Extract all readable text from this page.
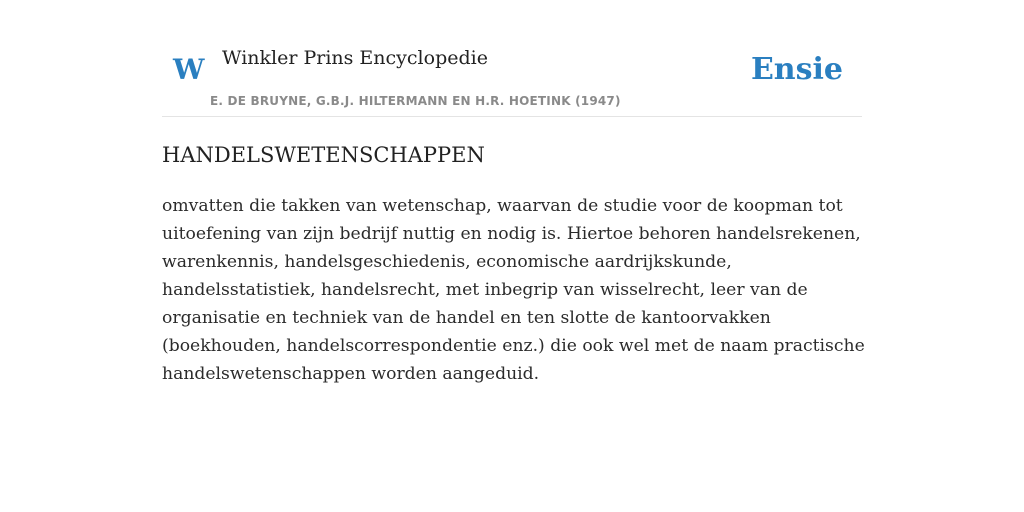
W Winkler Prins Encyclopedie
E. DE BRUYNE, G.B.J. HILTERMANN EN H.R. HOETINK (1947)
Ensie
HANDELSWETENSCHAPPEN

omvatten die takken van wetenschap, waarvan de studie voor de koopman tot
uitoefening van zijn bedrijf nuttig en nodig is. Hiertoe behoren handelsrekenen,
warenkennis, handelsgeschiedenis, economische aardrijkskunde,
handelsstatistiek, handelsrecht, met inbegrip van wisselrecht, leer van de
organisatie en techniek van de handel en ten slotte de kantoorvakken
(boekhouden, handelscorrespondentie enz.) die ook wel met de naam practische
handelswetenschappen worden aangeduid.
